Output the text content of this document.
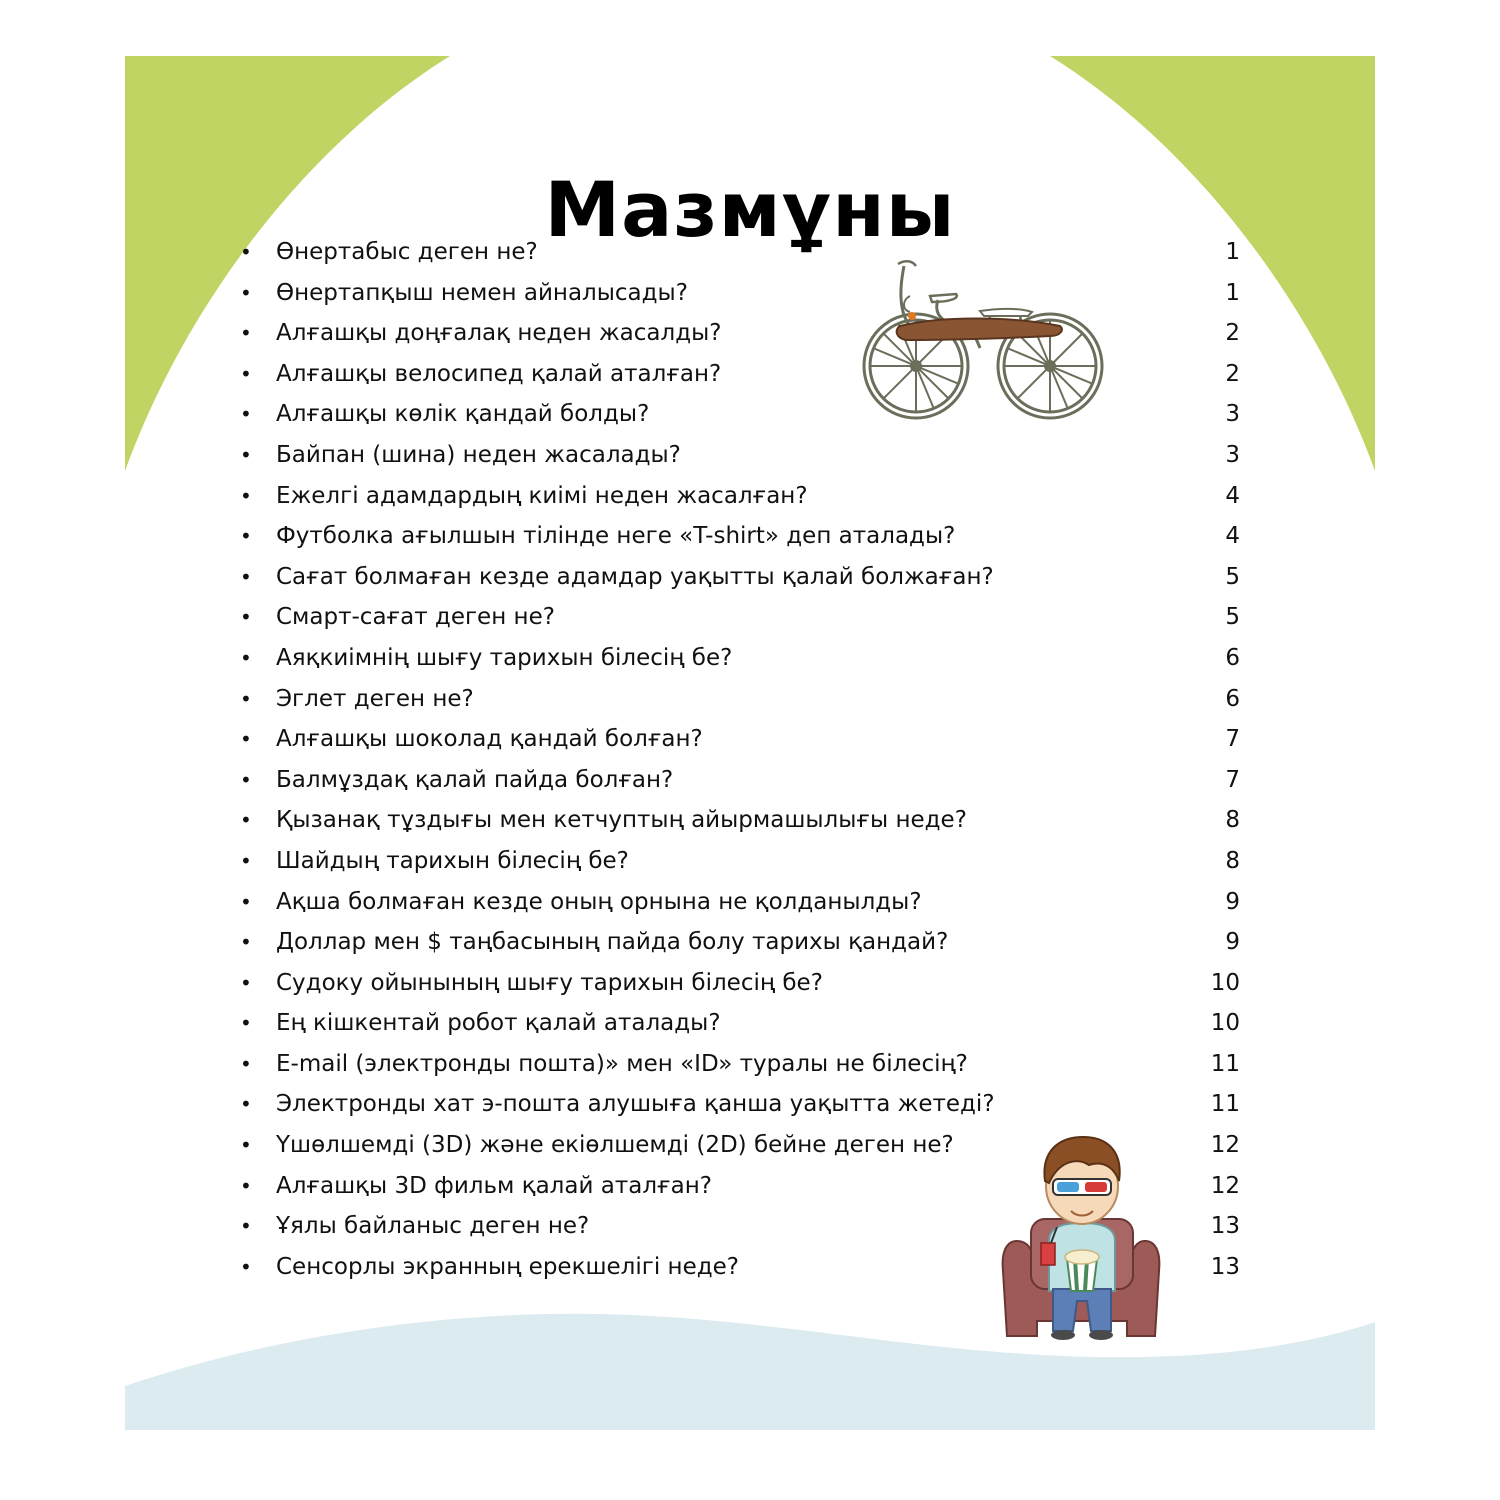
Мазмұны
• Өнертабыс деген не?	1
• Өнертапқыш немен айналысады?	1
• Алғашқы доңғалақ неден жасалды?	2
• Алғашқы велосипед қалай аталған?	2
• Алғашқы көлік қандай болды?	3
• Байпан (шина) неден жасалады?	3
• Ежелгі адамдардың киімі неден жасалған?	4
• Футболка ағылшын тілінде неге «T-shirt» деп аталады?	4
• Сағат болмаған кезде адамдар уақытты қалай болжаған?	5
• Смарт-сағат деген не?	5
• Аяқкиімнің шығу тарихын білесің бе?	6
• Эглет деген не?	6
• Алғашқы шоколад қандай болған?	7
• Балмұздақ қалай пайда болған?	7
• Қызанақ тұздығы мен кетчуптың айырмашылығы неде?	8
• Шайдың тарихын білесің бе?	8
• Ақша болмаған кезде оның орнына не қолданылды?	9
• Доллар мен $ таңбасының пайда болу тарихы қандай?	9
• Судоку ойынының шығу тарихын білесің бе?	10
• Ең кішкентай робот қалай аталады?	10
• E-mail (электронды пошта)» мен «ID» туралы не білесің?	11
• Электронды хат э-пошта алушыға қанша уақытта жетеді?	11
• Үшөлшемді (3D) және екіөлшемді (2D) бейне деген не?	12
• Алғашқы 3D фильм қалай аталған?	12
• Ұялы байланыс деген не?	13
• Сенсорлы экранның ерекшелігі неде?	13
